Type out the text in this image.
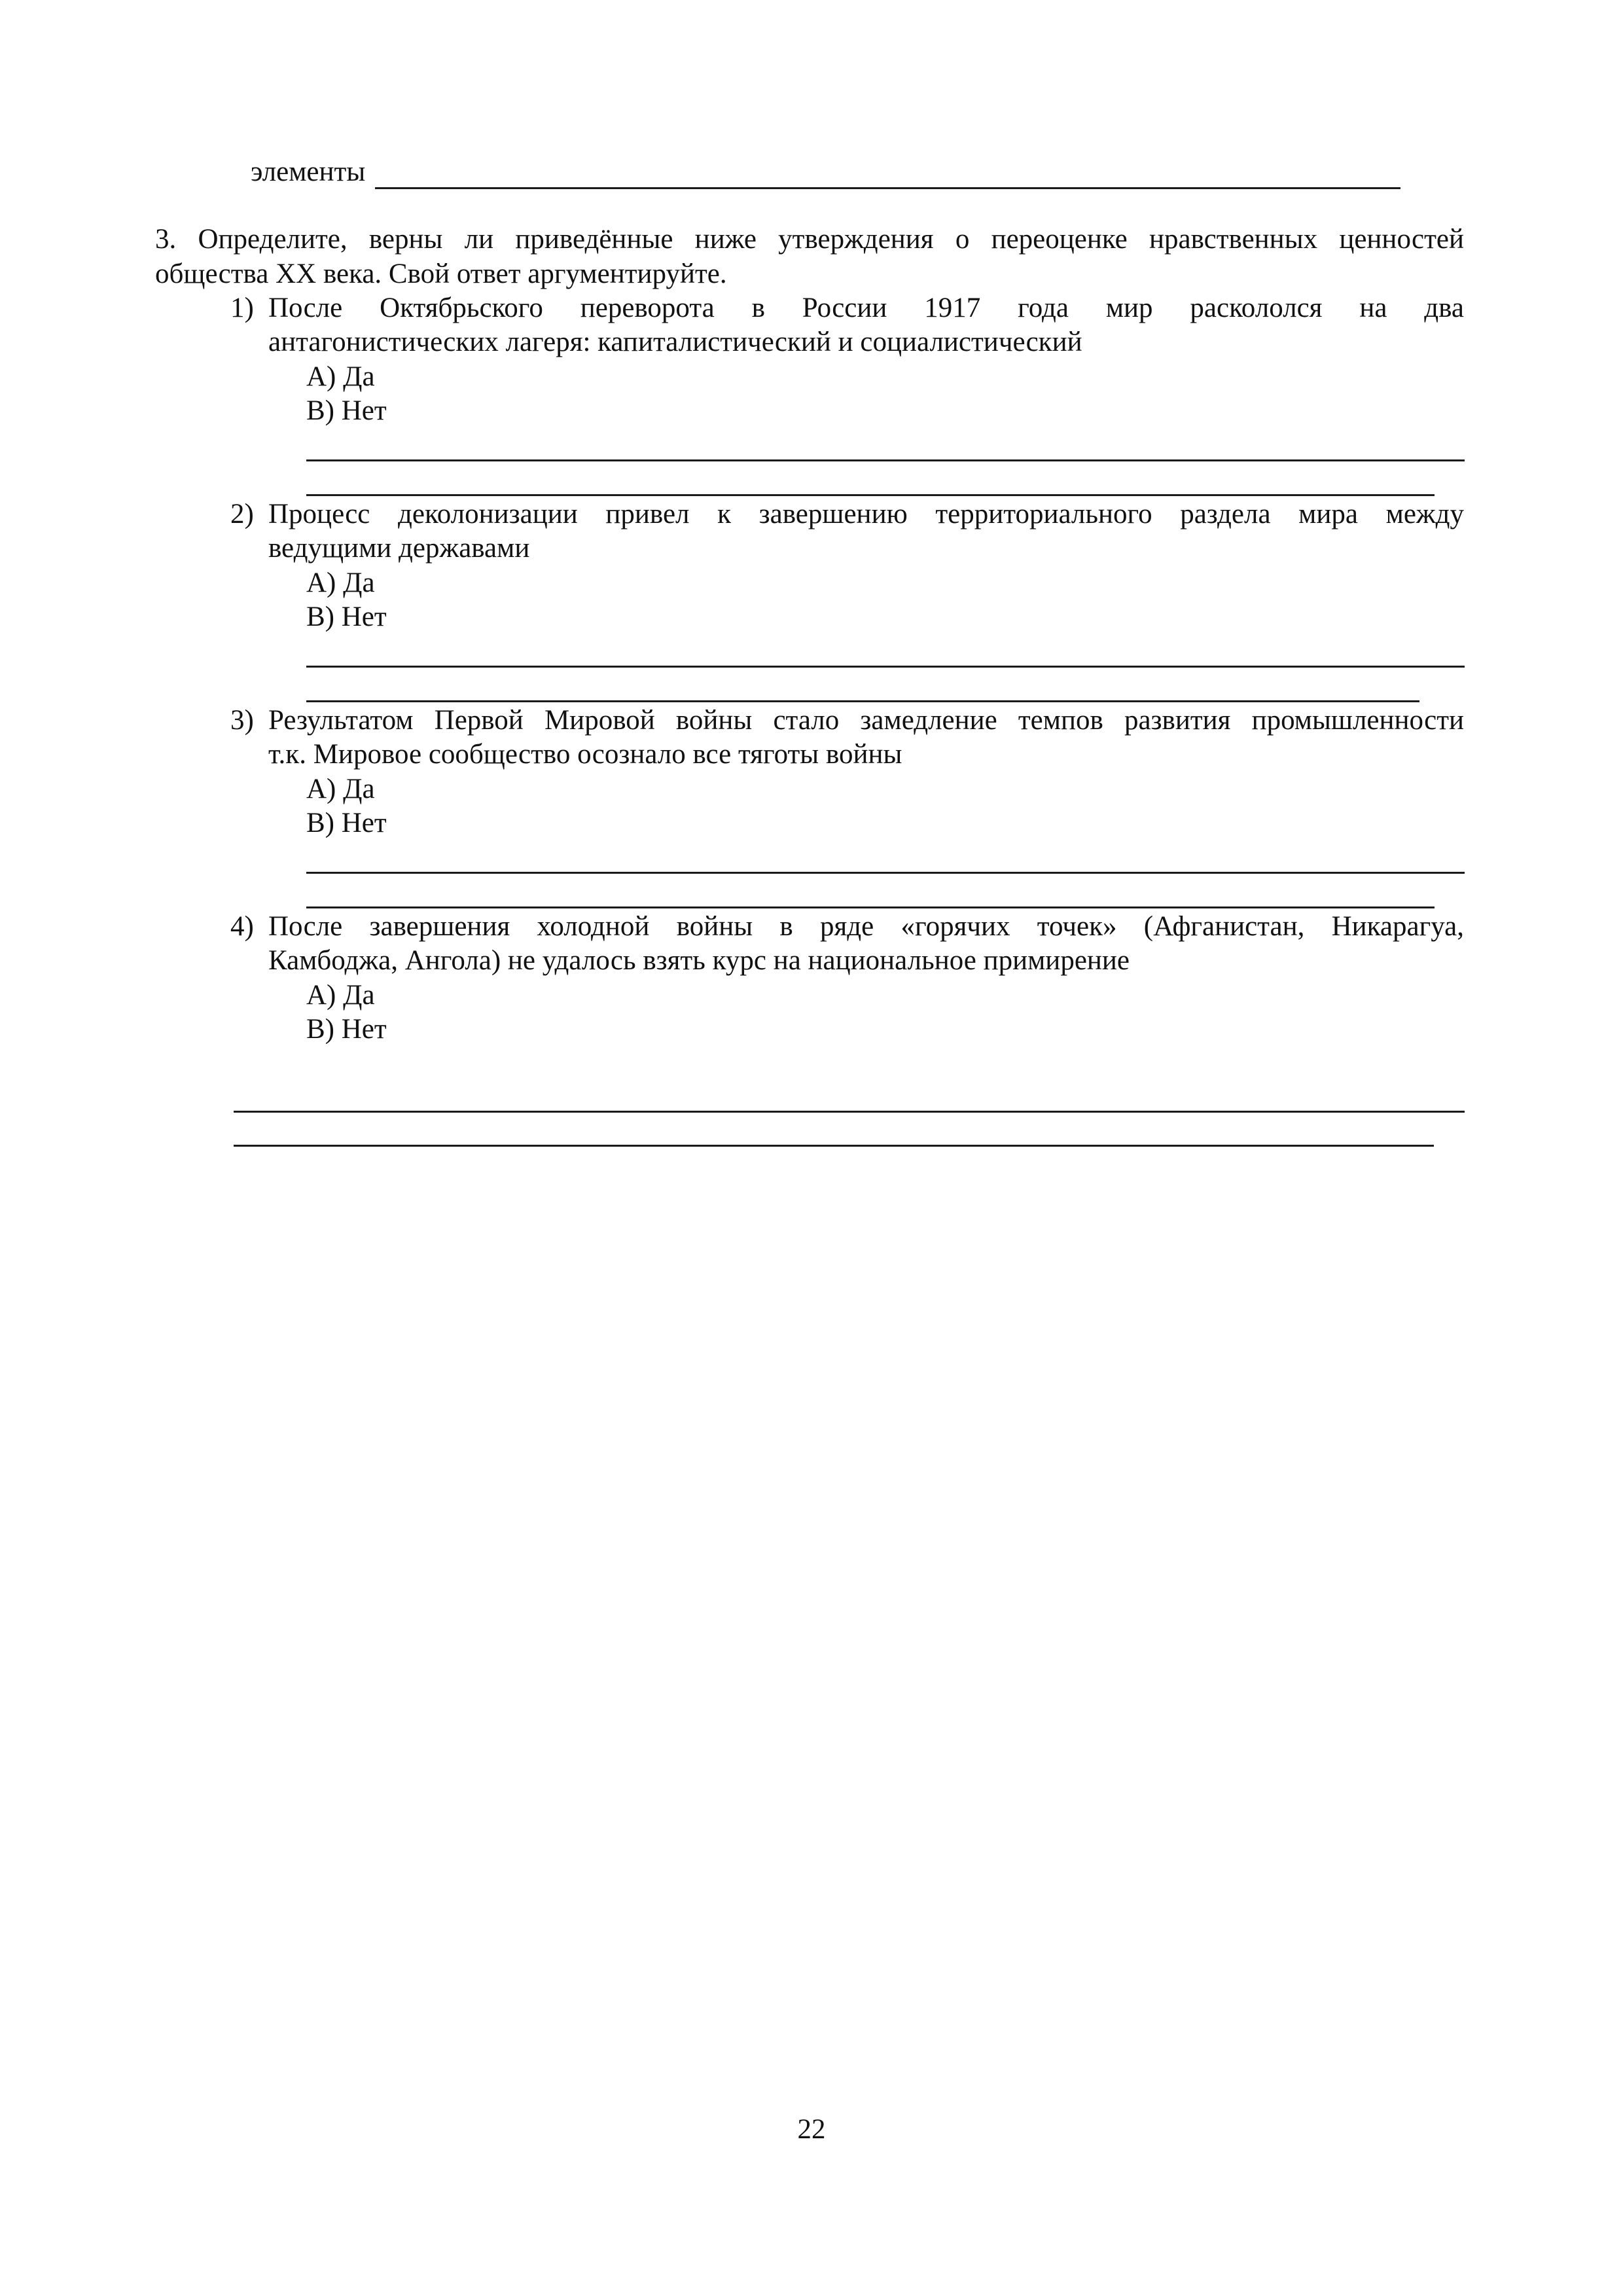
элементы
3. Определите, верны ли приведённые ниже утверждения о переоценке нравственных ценностей
общества XX века. Свой ответ аргументируйте.
1) После Октябрьского переворота в России 1917 года мир раскололся на два
антагонистических лагеря: капиталистический и социалистический
А) Да
В) Нет
2) Процесс деколонизации привел к завершению территориального раздела мира между
ведущими державами
А) Да
В) Нет
3) Результатом Первой Мировой войны стало замедление темпов развития промышленности
т.к. Мировое сообщество осознало все тяготы войны
А) Да
В) Нет
4) После завершения холодной войны в ряде «горячих точек» (Афганистан, Никарагуа,
Камбоджа, Ангола) не удалось взять курс на национальное примирение
А) Да
В) Нет
22
